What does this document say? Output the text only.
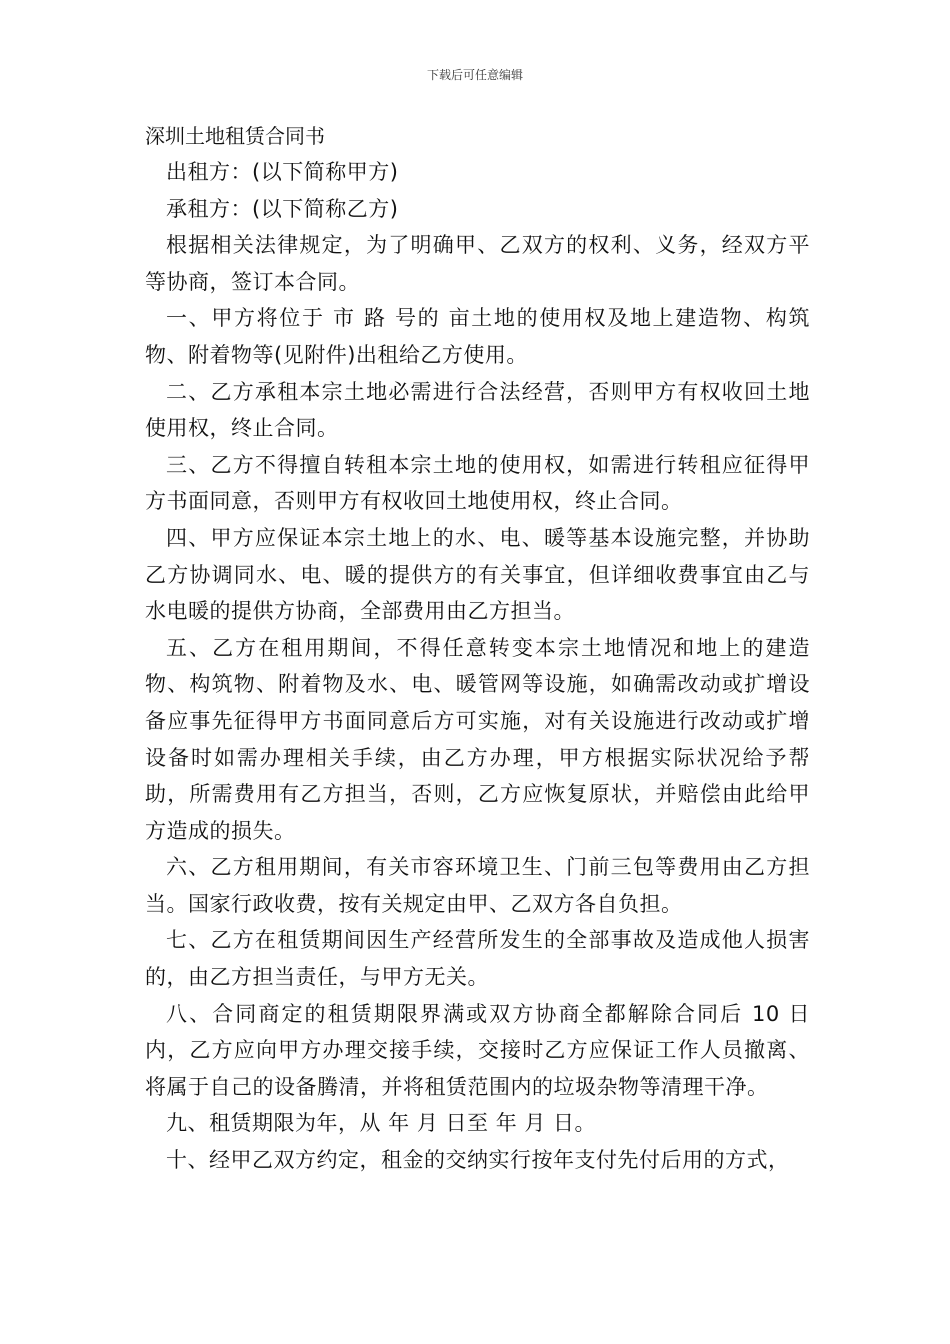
下载后可任意编辑

深圳土地租赁合同书

出租方：(以下简称甲方)

承租方：(以下简称乙方)

根据相关法律规定，为了明确甲、乙双方的权利、义务，经双方平等协商，签订本合同。

一、甲方将位于 市 路 号的 亩土地的使用权及地上建造物、构筑物、附着物等(见附件)出租给乙方使用。

二、乙方承租本宗土地必需进行合法经营，否则甲方有权收回土地使用权，终止合同。

三、乙方不得擅自转租本宗土地的使用权，如需进行转租应征得甲方书面同意，否则甲方有权收回土地使用权，终止合同。

四、甲方应保证本宗土地上的水、电、暖等基本设施完整，并协助乙方协调同水、电、暖的提供方的有关事宜，但详细收费事宜由乙与水电暖的提供方协商，全部费用由乙方担当。

五、乙方在租用期间，不得任意转变本宗土地情况和地上的建造物、构筑物、附着物及水、电、暖管网等设施，如确需改动或扩增设备应事先征得甲方书面同意后方可实施，对有关设施进行改动或扩增设备时如需办理相关手续，由乙方办理，甲方根据实际状况给予帮助，所需费用有乙方担当，否则，乙方应恢复原状，并赔偿由此给甲方造成的损失。

六、乙方租用期间，有关市容环境卫生、门前三包等费用由乙方担当。国家行政收费，按有关规定由甲、乙双方各自负担。

七、乙方在租赁期间因生产经营所发生的全部事故及造成他人损害的，由乙方担当责任，与甲方无关。

八、合同商定的租赁期限界满或双方协商全都解除合同后 10 日内，乙方应向甲方办理交接手续，交接时乙方应保证工作人员撤离、将属于自己的设备腾清，并将租赁范围内的垃圾杂物等清理干净。

九、租赁期限为年，从 年 月 日至 年 月 日。

十、经甲乙双方约定，租金的交纳实行按年支付先付后用的方式，
